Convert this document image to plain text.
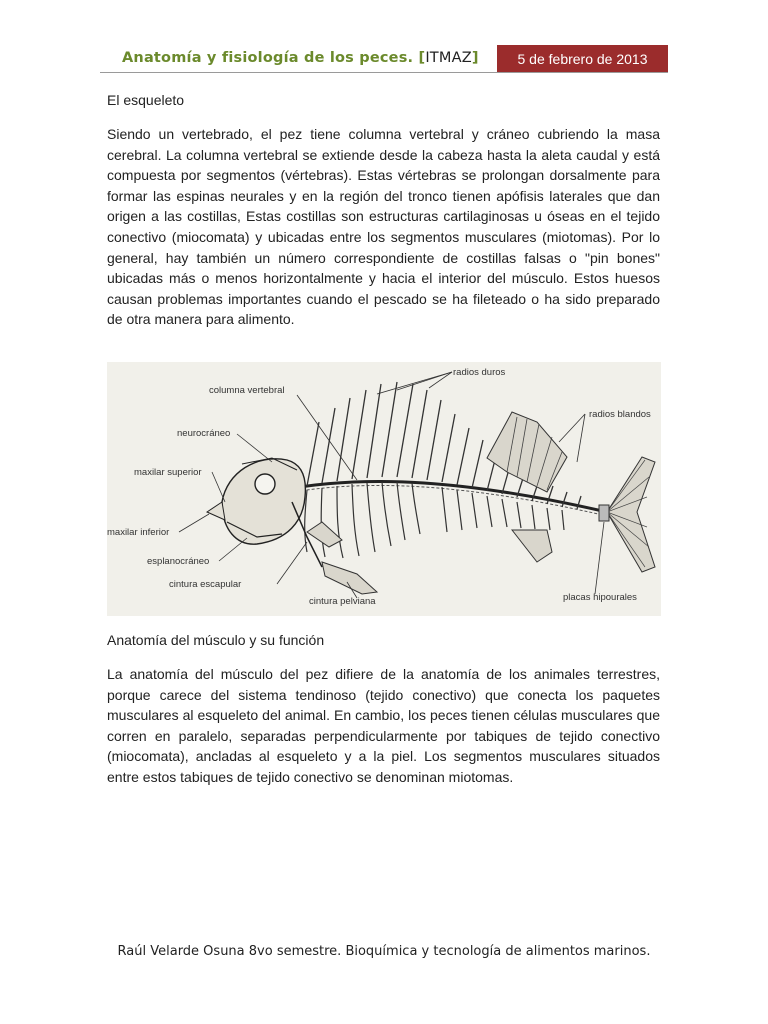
Anatomía y fisiología de los peces. [ITMAZ]	5 de febrero de 2013
El esqueleto

Siendo un vertebrado, el pez tiene columna vertebral y cráneo cubriendo la masa cerebral. La columna vertebral se extiende desde la cabeza hasta la aleta caudal y está compuesta por segmentos (vértebras). Estas vértebras se prolongan dorsalmente para formar las espinas neurales y en la región del tronco tienen apófisis laterales que dan origen a las costillas, Estas costillas son estructuras cartilaginosas u óseas en el tejido conectivo (miocomata) y ubicadas entre los segmentos musculares (miotomas). Por lo general, hay también un número correspondiente de costillas falsas o "pin bones" ubicadas más o menos horizontalmente y hacia el interior del músculo. Estos huesos causan problemas importantes cuando el pescado se ha fileteado o ha sido preparado de otra manera para alimento.

radios duros
columna vertebral
radios blandos
neurocráneo
maxilar superior
maxilar inferior
esplanocráneo
cintura escapular
cintura pelviana	placas hipourales
Anatomía del músculo y su función

La anatomía del músculo del pez difiere de la anatomía de los animales terrestres, porque carece del sistema tendinoso (tejido conectivo) que conecta los paquetes musculares al esqueleto del animal. En cambio, los peces tienen células musculares que corren en paralelo, separadas perpendicularmente por tabiques de tejido conectivo (miocomata), ancladas al esqueleto y a la piel. Los segmentos musculares situados entre estos tabiques de tejido conectivo se denominan miotomas.

Raúl Velarde Osuna 8vo semestre. Bioquímica y tecnología de alimentos marinos.
